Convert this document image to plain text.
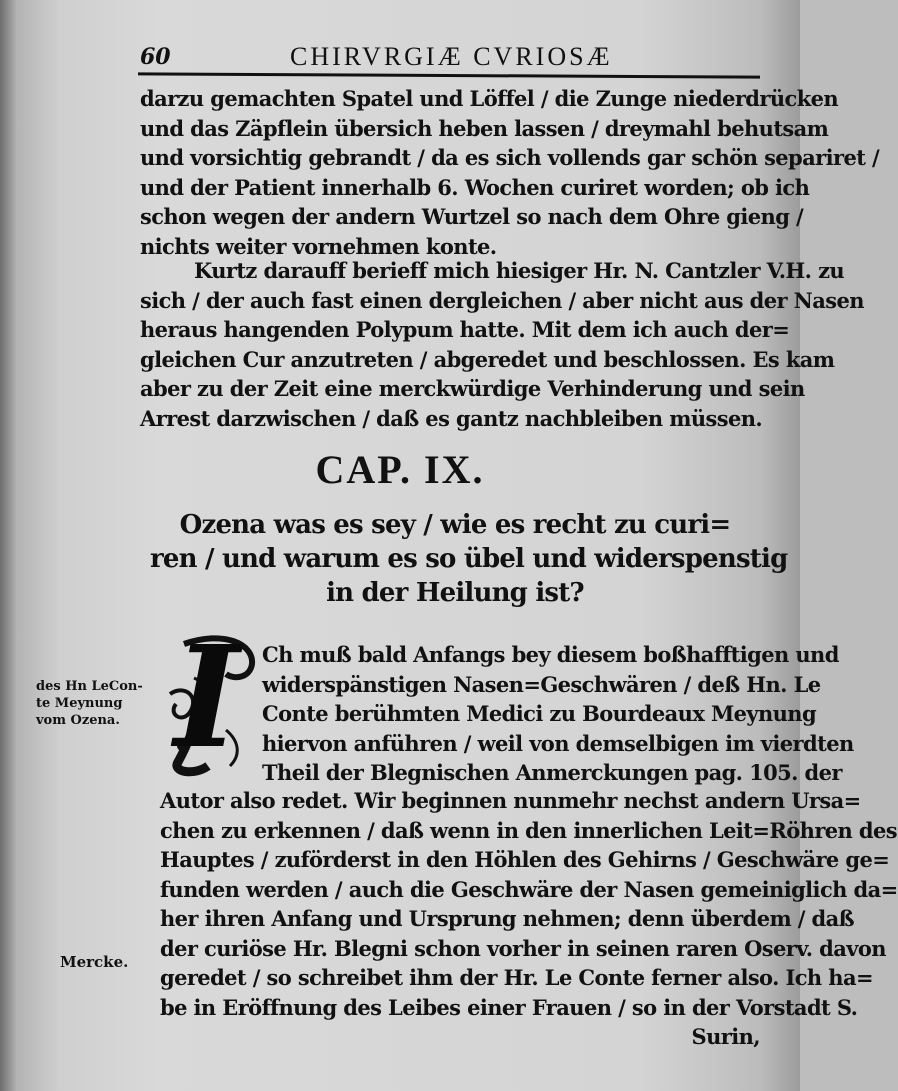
60	CHIRVRGIÆ CVRIOSÆ
darzu gemachten Spatel und Löffel / die Zunge niederdrücken
und das Zäpflein übersich heben lassen / dreymahl behutsam
und vorsichtig gebrandt / da es sich vollends gar schön separiret /
und der Patient innerhalb 6. Wochen curiret worden; ob ich
schon wegen der andern Wurtzel so nach dem Ohre gieng /
nichts weiter vornehmen konte.
Kurtz darauff berieff mich hiesiger Hr. N. Cantzler V.H. zu
sich / der auch fast einen dergleichen / aber nicht aus der Nasen
heraus hangenden Polypum hatte. Mit dem ich auch der=
gleichen Cur anzutreten / abgeredet und beschlossen. Es kam
aber zu der Zeit eine merckwürdige Verhinderung und sein
Arrest darzwischen / daß es gantz nachbleiben müssen.
CAP. IX.
Ozena was es sey / wie es recht zu curi=
ren / und warum es so übel und widerspenstig
in der Heilung ist?
I Ch muß bald Anfangs bey diesem boßhafftigen und
widerspänstigen Nasen=Geschwären / deß Hn. Le
Conte berühmten Medici zu Bourdeaux Meynung
hiervon anführen / weil von demselbigen im vierdten
Theil der Blegnischen Anmerckungen pag. 105. der
Autor also redet. Wir beginnen nunmehr nechst andern Ursa=
chen zu erkennen / daß wenn in den innerlichen Leit=Röhren des
Hauptes / zuförderst in den Höhlen des Gehirns / Geschwäre ge=
funden werden / auch die Geschwäre der Nasen gemeiniglich da=
her ihren Anfang und Ursprung nehmen; denn überdem / daß
der curiöse Hr. Blegni schon vorher in seinen raren Oserv. davon
geredet / so schreibet ihm der Hr. Le Conte ferner also. Ich ha=
be in Eröffnung des Leibes einer Frauen / so in der Vorstadt S.
Surin,
des Hn LeCon-
te Meynung
vom Ozena.
Mercke.
